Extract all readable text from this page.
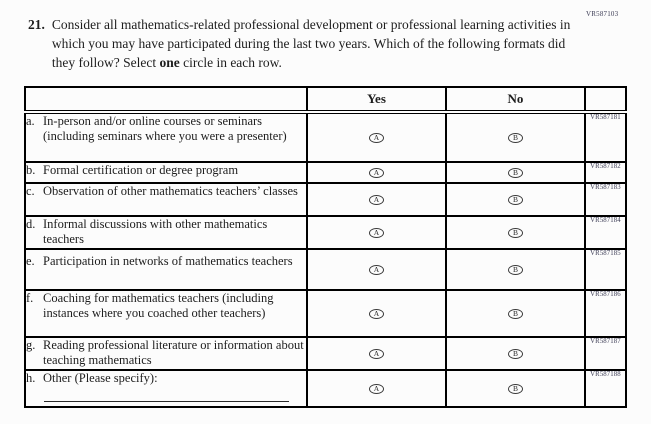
VR587103
21. Consider all mathematics-related professional development or professional learning activities in which you may have participated during the last two years. Which of the following formats did they follow? Select one circle in each row.
	Yes	No	

a. In-person and/or online courses or seminars (including seminars where you were a presenter)	A	B	VR587181

b. Formal certification or degree program	A	B	VR587182

c. Observation of other mathematics teachers’ classes	A	B	VR587183

d. Informal discussions with other mathematics teachers	A	B	VR587184

e. Participation in networks of mathematics teachers	A	B	VR587185

f. Coaching for mathematics teachers (including instances where you coached other teachers)	A	B	VR587186

g. Reading professional literature or information about teaching mathematics	A	B	VR587187

h. Other (Please specify):	A	B	VR587188
